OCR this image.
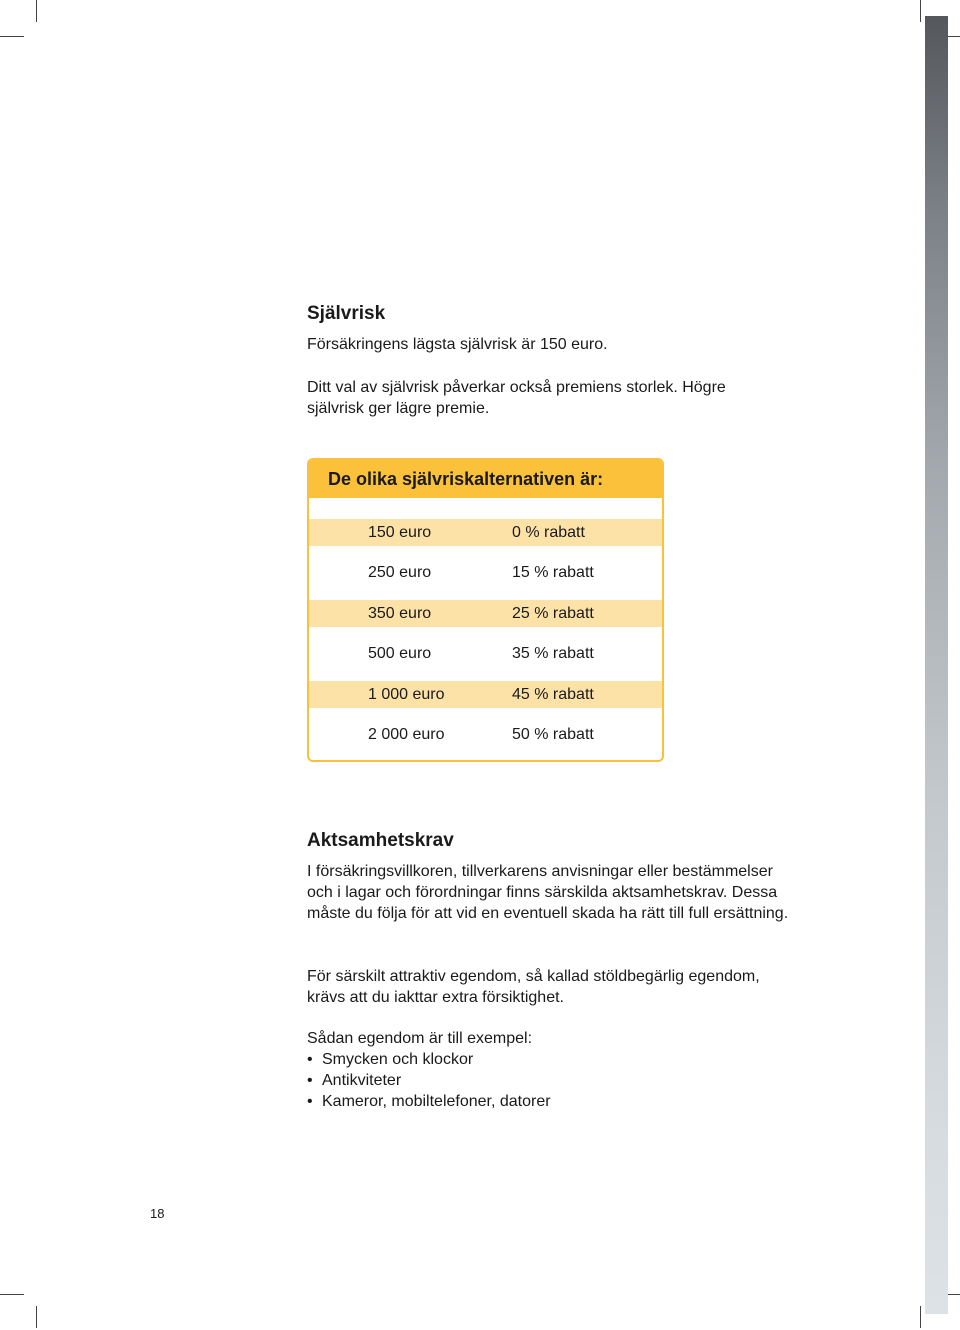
Självrisk

Försäkringens lägsta självrisk är 150 euro.

Ditt val av självrisk påverkar också premiens storlek. Högre självrisk ger lägre premie.

De olika självriskalternativen är:
150 euro	0 % rabatt
250 euro	15 % rabatt
350 euro	25 % rabatt
500 euro	35 % rabatt
1 000 euro	45 % rabatt
2 000 euro	50 % rabatt
Aktsamhetskrav

I försäkringsvillkoren, tillverkarens anvisningar eller bestämmelser och i lagar och förordningar finns särskilda aktsamhetskrav. Dessa måste du följa för att vid en eventuell skada ha rätt till full ersättning.

För särskilt attraktiv egendom, så kallad stöldbegärlig egendom, krävs att du iakttar extra försiktighet.

Sådan egendom är till exempel:

• Smycken och klockor
• Antikviteter
• Kameror, mobiltelefoner, datorer
18
